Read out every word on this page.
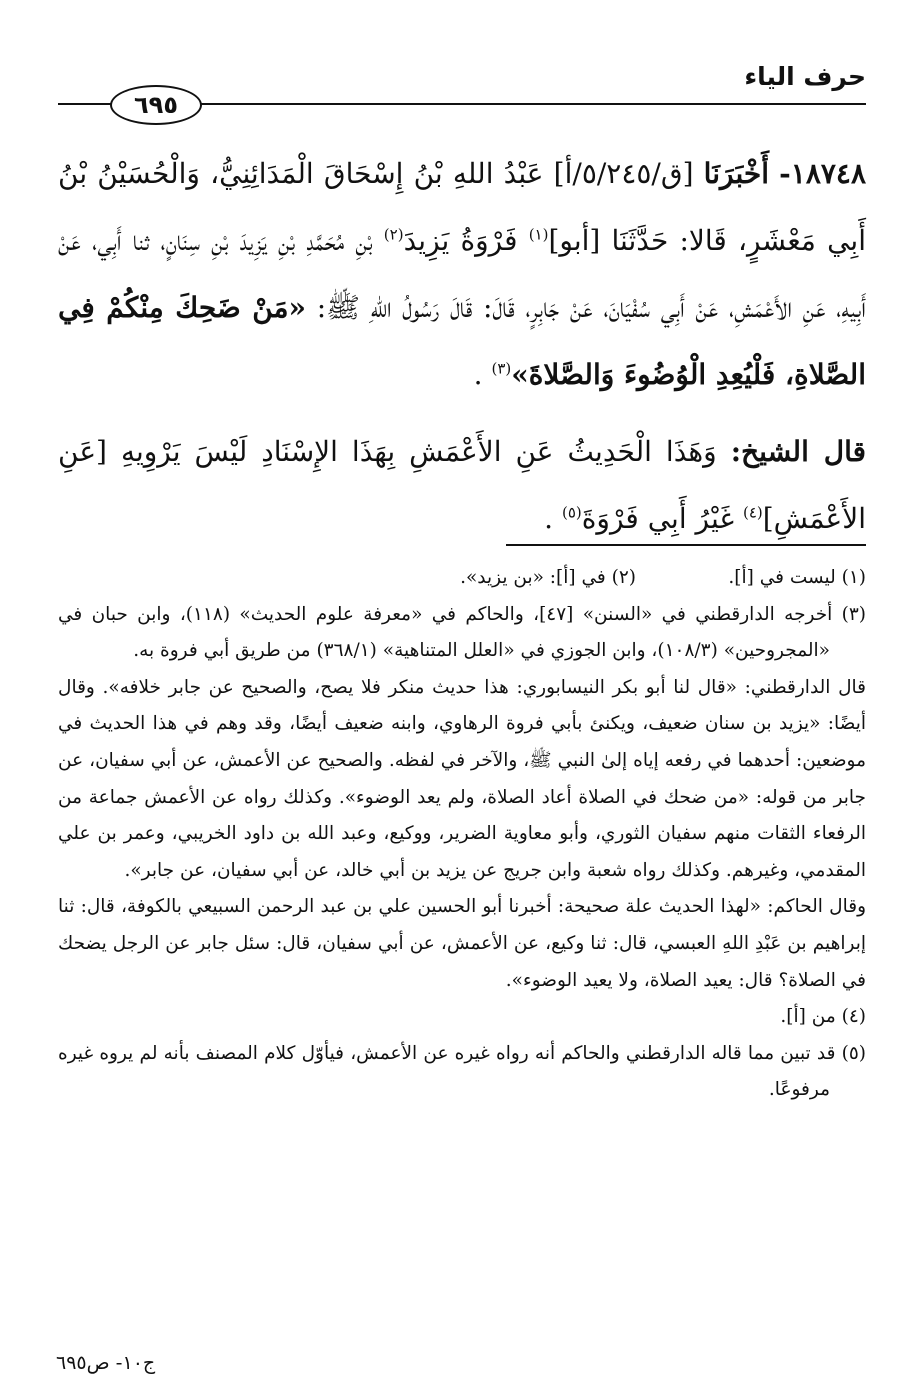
حرف الياء
٦٩٥

١٨٧٤٨- أَخْبَرَنَا [ق/٥/٢٤٥/أ] عَبْدُ اللهِ بْنُ إِسْحَاقَ الْمَدَائِنِيُّ، وَالْحُسَيْنُ بْنُ أَبِي مَعْشَرٍ، قَالا: حَدَّثَنَا [أبو]$^{(١)}$ فَرْوَةُ يَزِيدَ$^{(٢)}$ بْنِ مُحَمَّدِ بْنِ يَزِيدَ بْنِ سِنَانٍ، ثنا أَبِي، عَنْ أَبِيهِ، عَنِ الأَعْمَشِ، عَنْ أَبِي سُفْيَانَ، عَنْ جَابِرٍ، قَالَ: قَالَ رَسُولُ اللهِ ﷺ: «مَنْ ضَحِكَ مِنْكُمْ فِي الصَّلاةِ، فَلْيُعِدِ الْوُضُوءَ وَالصَّلاةَ»$^{(٣)}$ .

قال الشيخ: وَهَذَا الْحَدِيثُ عَنِ الأَعْمَشِ بِهَذَا الإِسْنَادِ لَيْسَ يَرْوِيهِ [عَنِ الأَعْمَشِ]$^{(٤)}$ غَيْرُ أَبِي فَرْوَةَ$^{(٥)}$ .

(١) ليست في [أ].
(٢) في [أ]: «بن يزيد».

(٣) أخرجه الدارقطني في «السنن» [٤٧]، والحاكم في «معرفة علوم الحديث» (١١٨)، وابن حبان في «المجروحين» (١٠٨/٣)، وابن الجوزي في «العلل المتناهية» (٣٦٨/١) من طريق أبي فروة به.

قال الدارقطني: «قال لنا أبو بكر النيسابوري: هذا حديث منكر فلا يصح، والصحيح عن جابر خلافه». وقال أيضًا: «يزيد بن سنان ضعيف، ويكنئ بأبي فروة الرهاوي، وابنه ضعيف أيضًا، وقد وهم في هذا الحديث في موضعين: أحدهما في رفعه إياه إلىٰ النبي ﷺ، والآخر في لفظه. والصحيح عن الأعمش، عن أبي سفيان، عن جابر من قوله: «من ضحك في الصلاة أعاد الصلاة، ولم يعد الوضوء». وكذلك رواه عن الأعمش جماعة من الرفعاء الثقات منهم سفيان الثوري، وأبو معاوية الضرير، ووكيع، وعبد الله بن داود الخريبي، وعمر بن علي المقدمي، وغيرهم. وكذلك رواه شعبة وابن جريج عن يزيد بن أبي خالد، عن أبي سفيان، عن جابر».

وقال الحاكم: «لهذا الحديث علة صحيحة: أخبرنا أبو الحسين علي بن عبد الرحمن السبيعي بالكوفة، قال: ثنا إبراهيم بن عَبْدِ اللهِ العبسي، قال: ثنا وكيع، عن الأعمش، عن أبي سفيان، قال: سئل جابر عن الرجل يضحك في الصلاة؟ قال: يعيد الصلاة، ولا يعيد الوضوء».

(٤) من [أ].

(٥) قد تبين مما قاله الدارقطني والحاكم أنه رواه غيره عن الأعمش، فيأوّل كلام المصنف بأنه لم يروه غيره مرفوعًا.

ج١٠- ص٦٩٥
